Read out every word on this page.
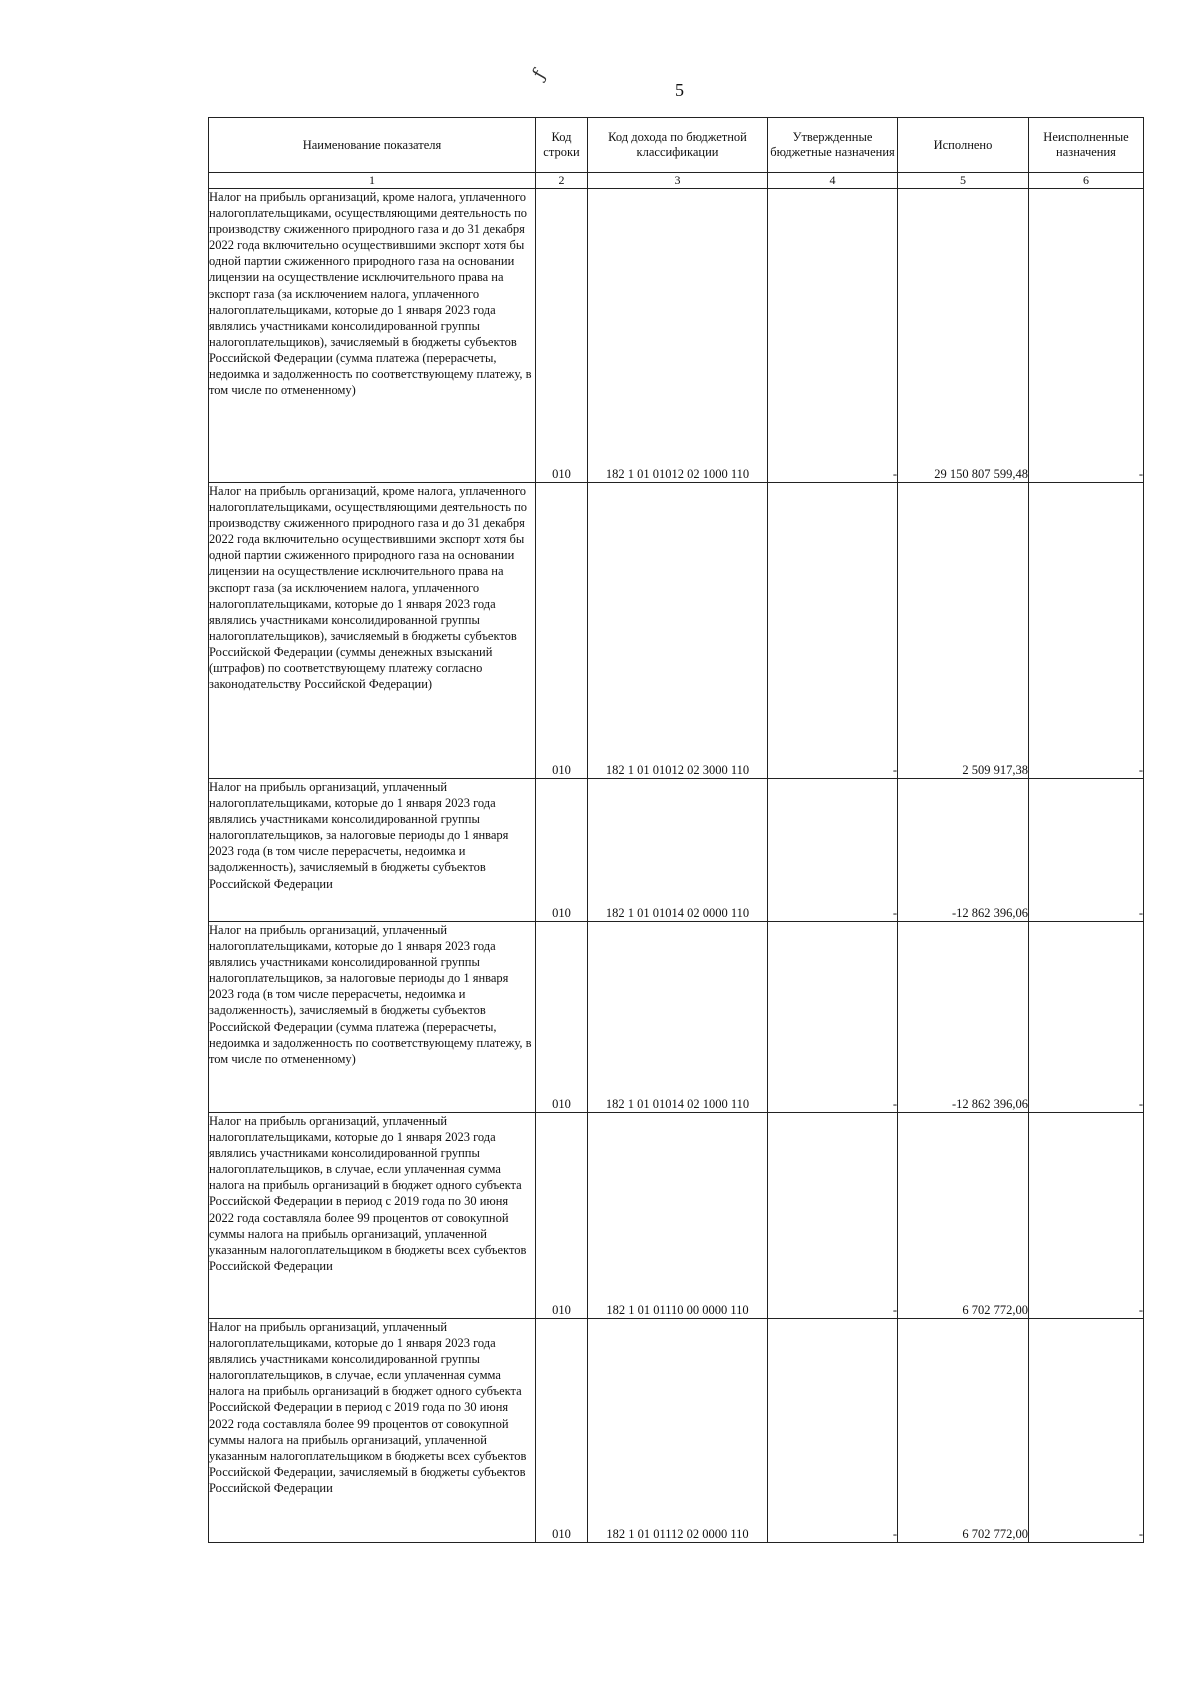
ƒ
5
Наименование показателя	Код строки	Код дохода по бюджетной классификации	Утвержденные бюджетные назначения	Исполнено	Неисполненные назначения
1	2	3	4	5	6
Налог на прибыль организаций, кроме налога, уплаченного налогоплательщиками, осуществляющими деятельность по производству сжиженного природного газа и до 31 декабря 2022 года включительно осуществившими экспорт хотя бы одной партии сжиженного природного газа на основании лицензии на осуществление исключительного права на экспорт газа (за исключением налога, уплаченного налогоплательщиками, которые до 1 января 2023 года являлись участниками консолидированной группы налогоплательщиков), зачисляемый в бюджеты субъектов Российской Федерации (сумма платежа (перерасчеты, недоимка и задолженность по соответствующему платежу, в том числе по отмененному)	010	182 1 01 01012 02 1000 110	-	29 150 807 599,48	-
Налог на прибыль организаций, кроме налога, уплаченного налогоплательщиками, осуществляющими деятельность по производству сжиженного природного газа и до 31 декабря 2022 года включительно осуществившими экспорт хотя бы одной партии сжиженного природного газа на основании лицензии на осуществление исключительного права на экспорт газа (за исключением налога, уплаченного налогоплательщиками, которые до 1 января 2023 года являлись участниками консолидированной группы налогоплательщиков), зачисляемый в бюджеты субъектов Российской Федерации (суммы денежных взысканий (штрафов) по соответствующему платежу согласно законодательству Российской Федерации)	010	182 1 01 01012 02 3000 110	-	2 509 917,38	-
Налог на прибыль организаций, уплаченный налогоплательщиками, которые до 1 января 2023 года являлись участниками консолидированной группы налогоплательщиков, за налоговые периоды до 1 января 2023 года (в том числе перерасчеты, недоимка и задолженность), зачисляемый в бюджеты субъектов Российской Федерации	010	182 1 01 01014 02 0000 110	-	-12 862 396,06	-
Налог на прибыль организаций, уплаченный налогоплательщиками, которые до 1 января 2023 года являлись участниками консолидированной группы налогоплательщиков, за налоговые периоды до 1 января 2023 года (в том числе перерасчеты, недоимка и задолженность), зачисляемый в бюджеты субъектов Российской Федерации (сумма платежа (перерасчеты, недоимка и задолженность по соответствующему платежу, в том числе по отмененному)	010	182 1 01 01014 02 1000 110	-	-12 862 396,06	-
Налог на прибыль организаций, уплаченный налогоплательщиками, которые до 1 января 2023 года являлись участниками консолидированной группы налогоплательщиков, в случае, если уплаченная сумма налога на прибыль организаций в бюджет одного субъекта Российской Федерации в период с 2019 года по 30 июня 2022 года составляла более 99 процентов от совокупной суммы налога на прибыль организаций, уплаченной указанным налогоплательщиком в бюджеты всех субъектов Российской Федерации	010	182 1 01 01110 00 0000 110	-	6 702 772,00	-
Налог на прибыль организаций, уплаченный налогоплательщиками, которые до 1 января 2023 года являлись участниками консолидированной группы налогоплательщиков, в случае, если уплаченная сумма налога на прибыль организаций в бюджет одного субъекта Российской Федерации в период с 2019 года по 30 июня 2022 года составляла более 99 процентов от совокупной суммы налога на прибыль организаций, уплаченной указанным налогоплательщиком в бюджеты всех субъектов Российской Федерации, зачисляемый в бюджеты субъектов Российской Федерации	010	182 1 01 01112 02 0000 110	-	6 702 772,00	-
